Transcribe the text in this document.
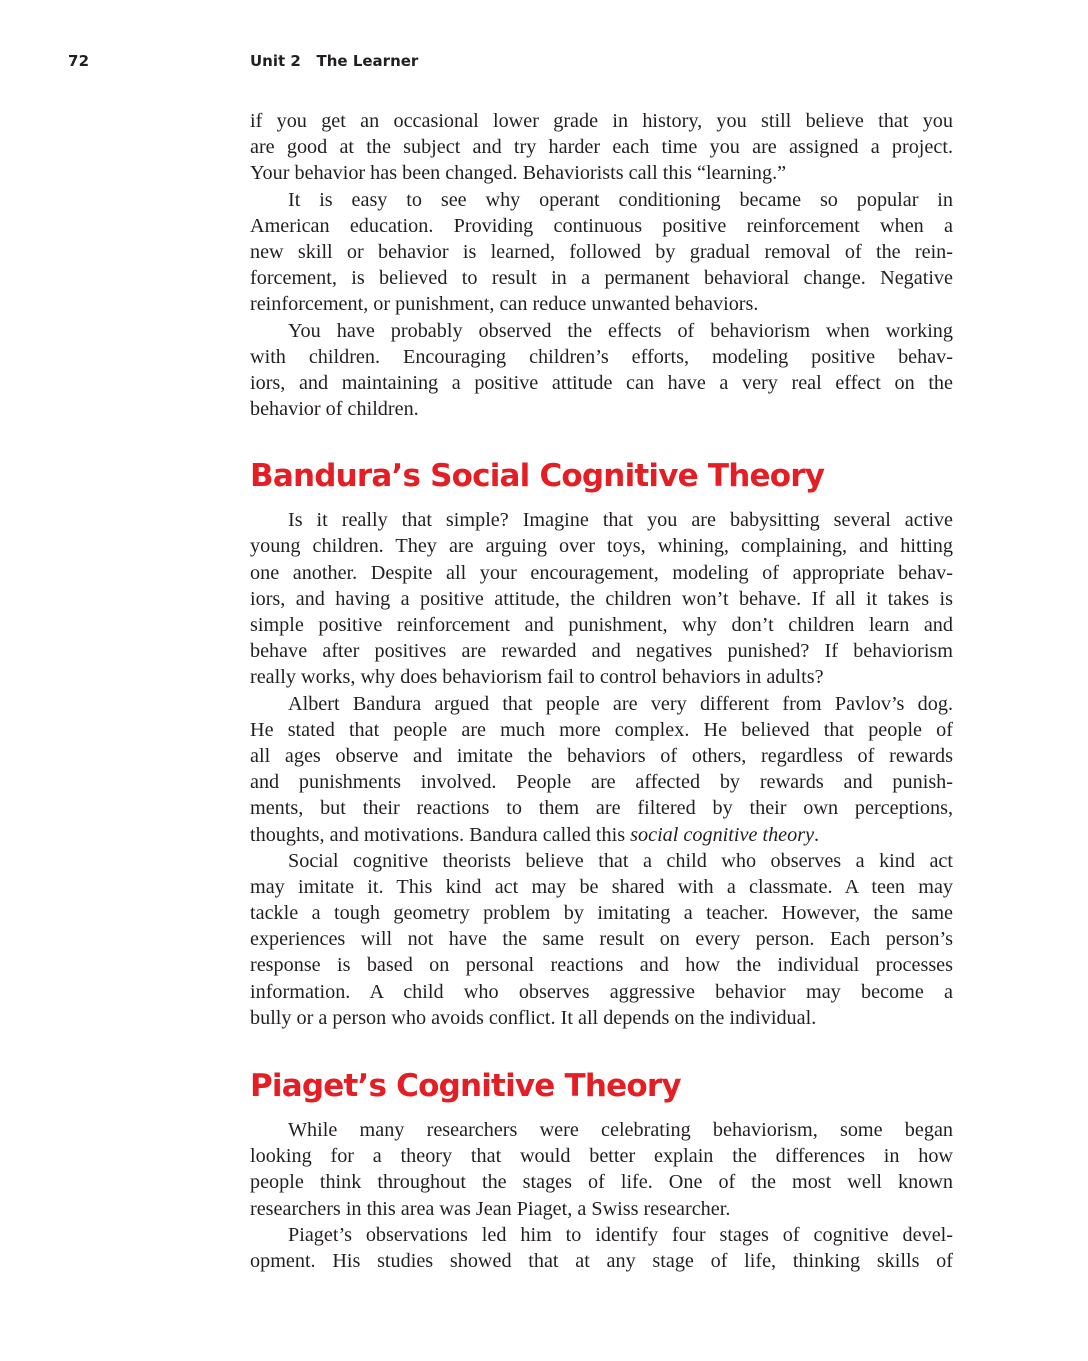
72	Unit 2 The Learner
if you get an occasional lower grade in history, you still believe that you
are good at the subject and try harder each time you are assigned a project.
Your behavior has been changed. Behaviorists call this “learning.”
It is easy to see why operant conditioning became so popular in
American education. Providing continuous positive reinforcement when a
new skill or behavior is learned, followed by gradual removal of the rein-
forcement, is believed to result in a permanent behavioral change. Negative
reinforcement, or punishment, can reduce unwanted behaviors.
You have probably observed the effects of behaviorism when working
with children. Encouraging children’s efforts, modeling positive behav-
iors, and maintaining a positive attitude can have a very real effect on the
behavior of children.
Bandura’s Social Cognitive Theory
Is it really that simple? Imagine that you are babysitting several active
young children. They are arguing over toys, whining, complaining, and hitting
one another. Despite all your encouragement, modeling of appropriate behav-
iors, and having a positive attitude, the children won’t behave. If all it takes is
simple positive reinforcement and punishment, why don’t children learn and
behave after positives are rewarded and negatives punished? If behaviorism
really works, why does behaviorism fail to control behaviors in adults?
Albert Bandura argued that people are very different from Pavlov’s dog.
He stated that people are much more complex. He believed that people of
all ages observe and imitate the behaviors of others, regardless of rewards
and punishments involved. People are affected by rewards and punish-
ments, but their reactions to them are filtered by their own perceptions,
thoughts, and motivations. Bandura called this social cognitive theory.
Social cognitive theorists believe that a child who observes a kind act
may imitate it. This kind act may be shared with a classmate. A teen may
tackle a tough geometry problem by imitating a teacher. However, the same
experiences will not have the same result on every person. Each person’s
response is based on personal reactions and how the individual processes
information. A child who observes aggressive behavior may become a
bully or a person who avoids conflict. It all depends on the individual.
Piaget’s Cognitive Theory
While many researchers were celebrating behaviorism, some began
looking for a theory that would better explain the differences in how
people think throughout the stages of life. One of the most well known
researchers in this area was Jean Piaget, a Swiss researcher.
Piaget’s observations led him to identify four stages of cognitive devel-
opment. His studies showed that at any stage of life, thinking skills of
